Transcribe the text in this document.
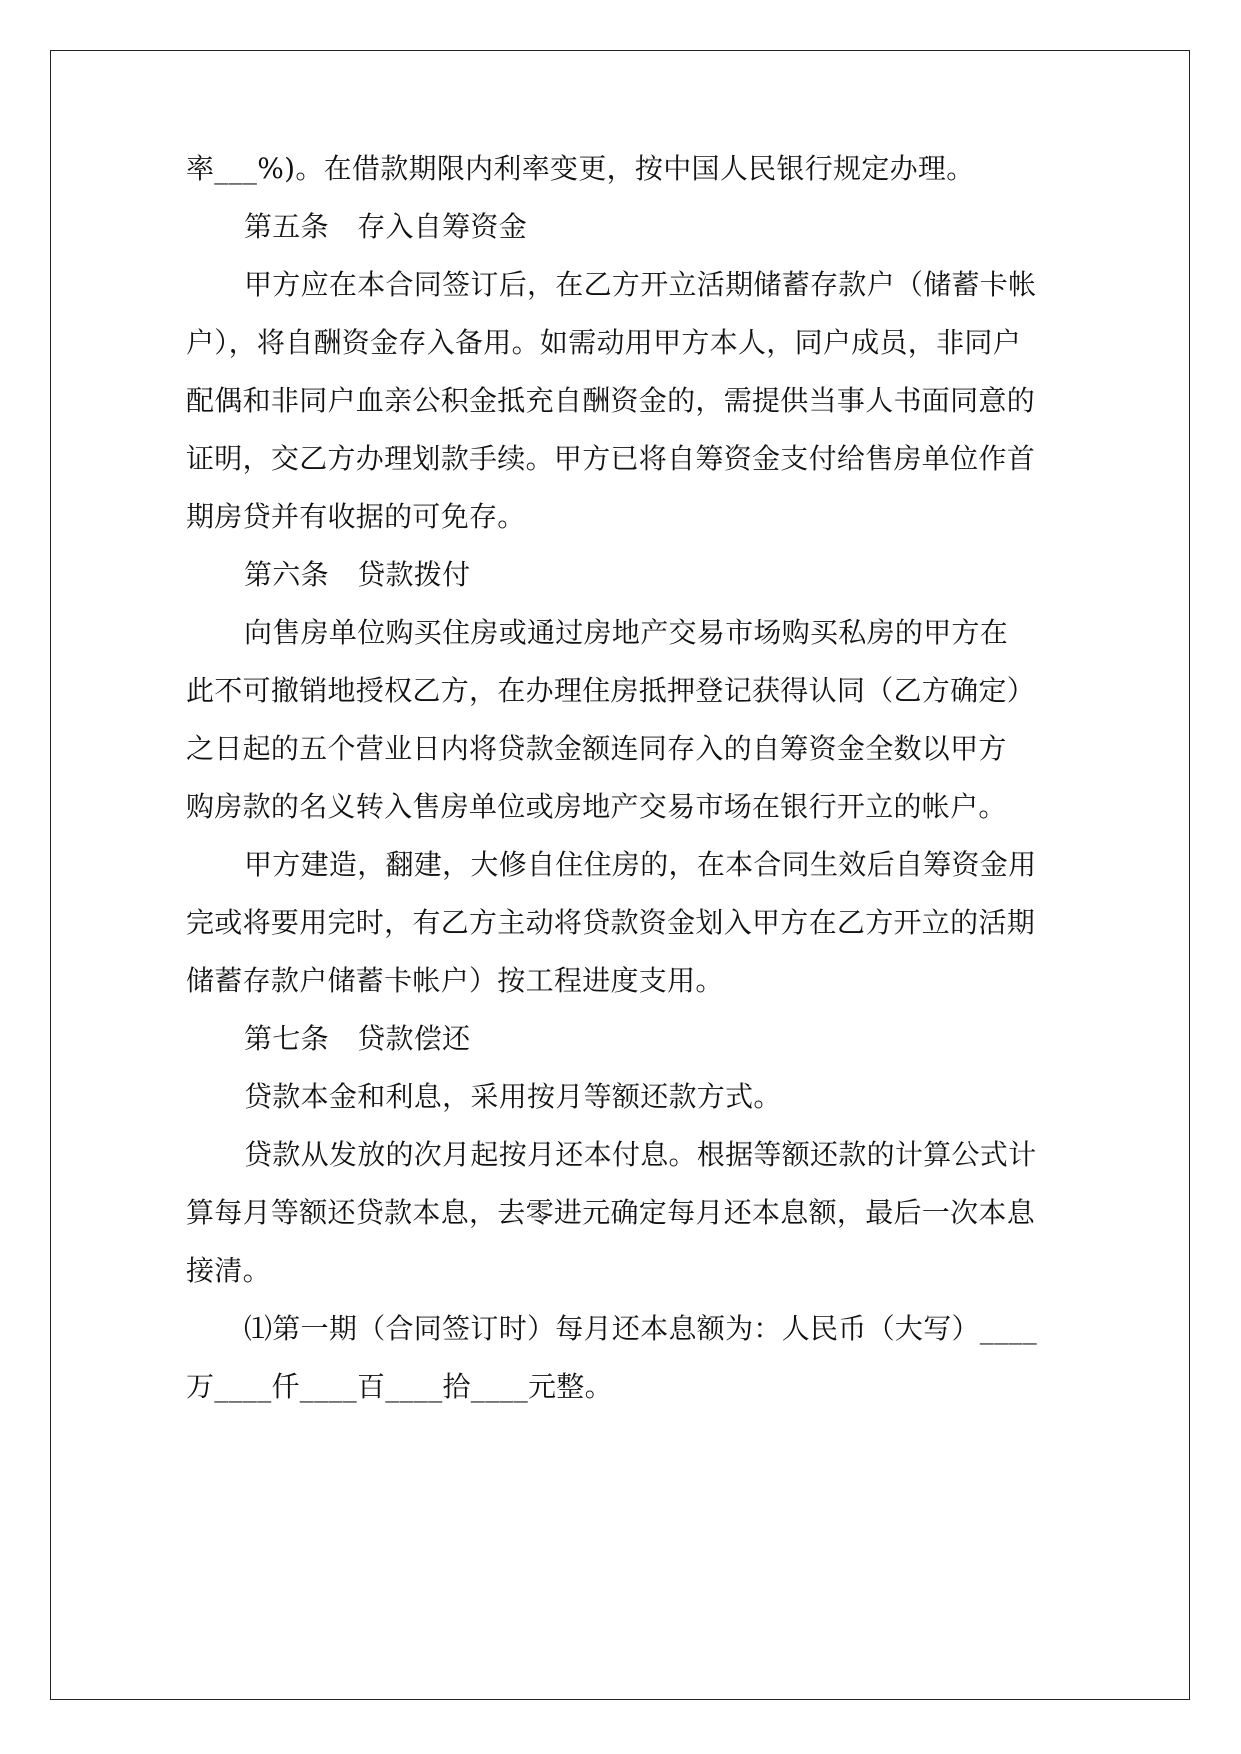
率___%)。在借款期限内利率变更，按中国人民银行规定办理。
第五条　存入自筹资金
甲方应在本合同签订后，在乙方开立活期储蓄存款户（储蓄卡帐
户），将自酬资金存入备用。如需动用甲方本人，同户成员，非同户
配偶和非同户血亲公积金抵充自酬资金的，需提供当事人书面同意的
证明，交乙方办理划款手续。甲方已将自筹资金支付给售房单位作首
期房贷并有收据的可免存。
第六条　贷款拨付
向售房单位购买住房或通过房地产交易市场购买私房的甲方在
此不可撤销地授权乙方，在办理住房抵押登记获得认同（乙方确定）
之日起的五个营业日内将贷款金额连同存入的自筹资金全数以甲方
购房款的名义转入售房单位或房地产交易市场在银行开立的帐户。
甲方建造，翻建，大修自住住房的，在本合同生效后自筹资金用
完或将要用完时，有乙方主动将贷款资金划入甲方在乙方开立的活期
储蓄存款户储蓄卡帐户）按工程进度支用。
第七条　贷款偿还
贷款本金和利息，采用按月等额还款方式。
贷款从发放的次月起按月还本付息。根据等额还款的计算公式计
算每月等额还贷款本息，去零进元确定每月还本息额，最后一次本息
接清。
⑴第一期（合同签订时）每月还本息额为：人民币（大写）____
万____仟____百____拾____元整。
